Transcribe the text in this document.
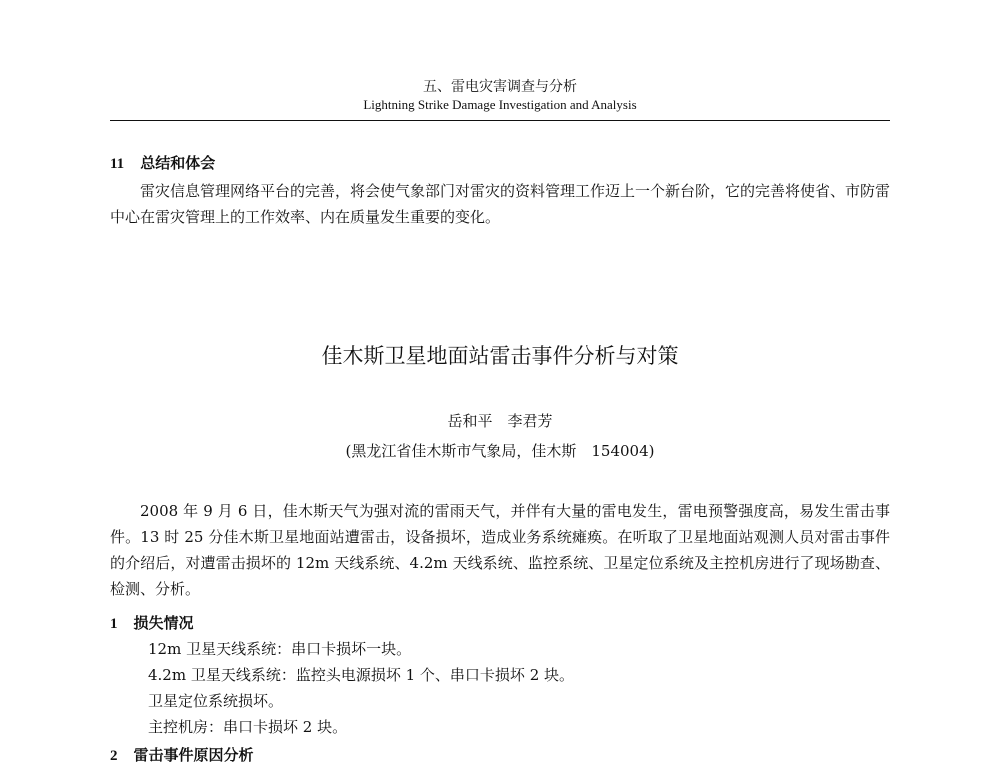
五、雷电灾害调查与分析
Lightning Strike Damage Investigation and Analysis
11 总结和体会
雷灾信息管理网络平台的完善，将会使气象部门对雷灾的资料管理工作迈上一个新台阶，它的完善将使省、市防雷中心在雷灾管理上的工作效率、内在质量发生重要的变化。
佳木斯卫星地面站雷击事件分析与对策
岳和平　李君芳
(黑龙江省佳木斯市气象局，佳木斯　154004)
2008 年 9 月 6 日，佳木斯天气为强对流的雷雨天气，并伴有大量的雷电发生，雷电预警强度高，易发生雷击事件。13 时 25 分佳木斯卫星地面站遭雷击，设备损坏，造成业务系统瘫痪。在听取了卫星地面站观测人员对雷击事件的介绍后，对遭雷击损坏的 12m 天线系统、4.2m 天线系统、监控系统、卫星定位系统及主控机房进行了现场勘查、检测、分析。
1 损失情况
12m 卫星天线系统：串口卡损坏一块。
4.2m 卫星天线系统：监控头电源损坏 1 个、串口卡损坏 2 块。
卫星定位系统损坏。
主控机房：串口卡损坏 2 块。
2 雷击事件原因分析
